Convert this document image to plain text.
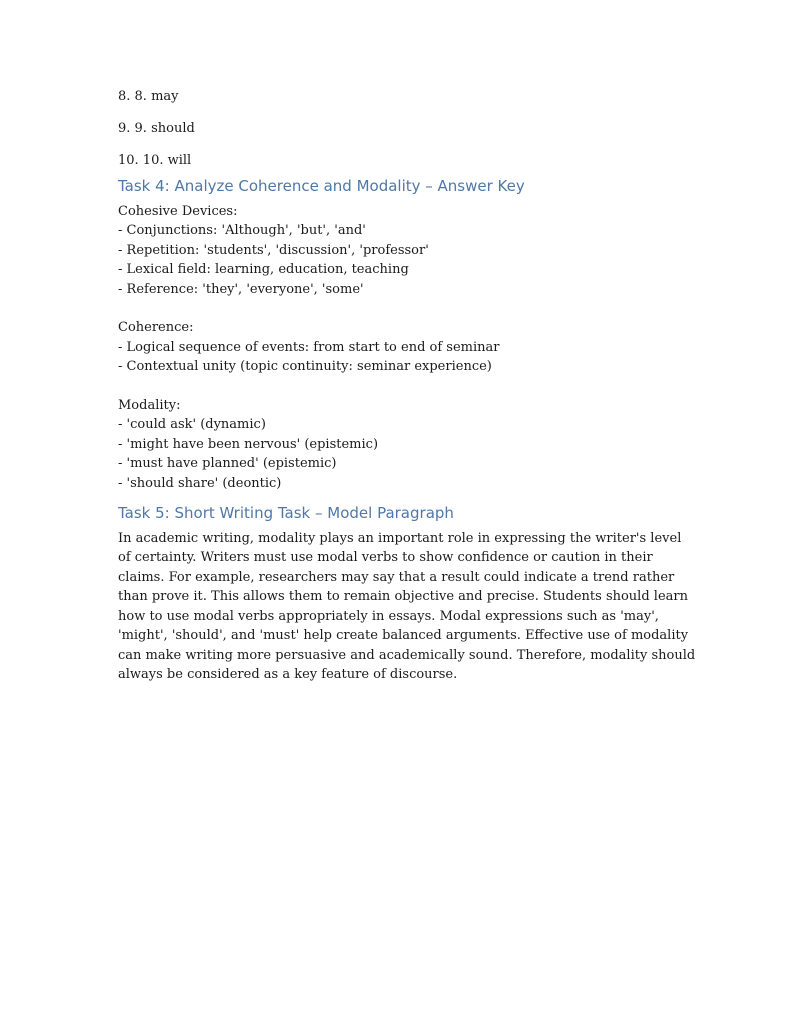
8. 8. may

9. 9. should

10. 10. will

Task 4: Analyze Coherence and Modality – Answer Key

Cohesive Devices:

- Conjunctions: 'Although', 'but', 'and'

- Repetition: 'students', 'discussion', 'professor'

- Lexical field: learning, education, teaching

- Reference: 'they', 'everyone', 'some'

Coherence:

- Logical sequence of events: from start to end of seminar

- Contextual unity (topic continuity: seminar experience)

Modality:

- 'could ask' (dynamic)

- 'might have been nervous' (epistemic)

- 'must have planned' (epistemic)

- 'should share' (deontic)

Task 5: Short Writing Task – Model Paragraph

In academic writing, modality plays an important role in expressing the writer's level of certainty. Writers must use modal verbs to show confidence or caution in their claims. For example, researchers may say that a result could indicate a trend rather than prove it. This allows them to remain objective and precise. Students should learn how to use modal verbs appropriately in essays. Modal expressions such as 'may', 'might', 'should', and 'must' help create balanced arguments. Effective use of modality can make writing more persuasive and academically sound. Therefore, modality should always be considered as a key feature of discourse.
